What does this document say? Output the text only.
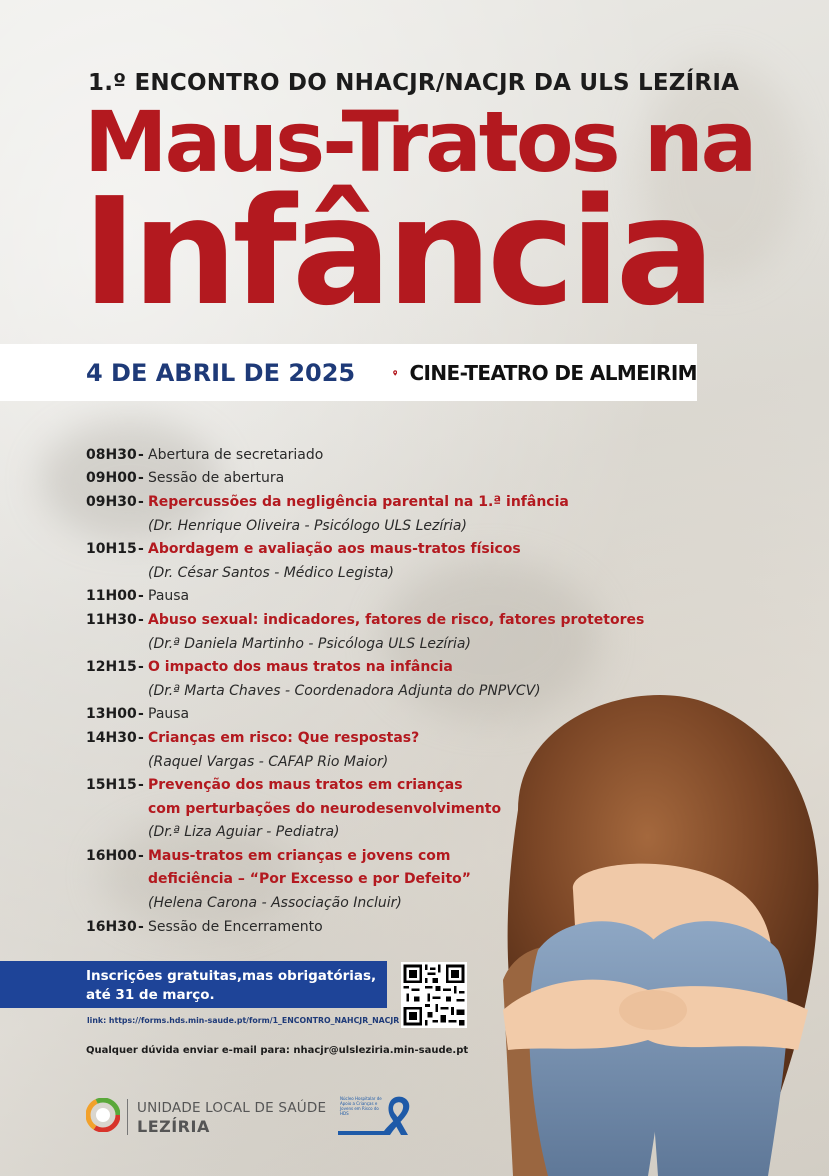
1.º ENCONTRO DO NHACJR/NACJR DA ULS LEZÍRIA
Maus-Tratos na
Infância
4 DE ABRIL DE 2025	CINE-TEATRO DE ALMEIRIM
08H30 - Abertura de secretariado
09H00 - Sessão de abertura
09H30 - Repercussões da negligência parental na 1.ª infância
(Dr. Henrique Oliveira - Psicólogo ULS Lezíria)
10H15 - Abordagem e avaliação aos maus-tratos físicos
(Dr. César Santos - Médico Legista)
11H00 - Pausa
11H30 - Abuso sexual: indicadores, fatores de risco, fatores protetores
(Dr.ª Daniela Martinho - Psicóloga ULS Lezíria)
12H15 - O impacto dos maus tratos na infância
(Dr.ª Marta Chaves - Coordenadora Adjunta do PNPVCV)
13H00 - Pausa
14H30 - Crianças em risco: Que respostas?
(Raquel Vargas - CAFAP Rio Maior)
15H15 - Prevenção dos maus tratos em crianças
com perturbações do neurodesenvolvimento
(Dr.ª Liza Aguiar - Pediatra)
16H00 - Maus-tratos em crianças e jovens com
deficiência – “Por Excesso e por Defeito”
(Helena Carona - Associação Incluir)
16H30 - Sessão de Encerramento

Inscrições gratuitas,mas obrigatórias,

até 31 de março.

link: https://forms.hds.min-saude.pt/form/1_ENCONTRO_NAHCJR_NACJR
Qualquer dúvida enviar e-mail para: nhacjr@ulsleziria.min-saude.pt
UNIDADE LOCAL DE SAÚDE
LEZÍRIA
Núcleo Hospitalar de Apoio a Crianças e Jovens em Risco do HDS
